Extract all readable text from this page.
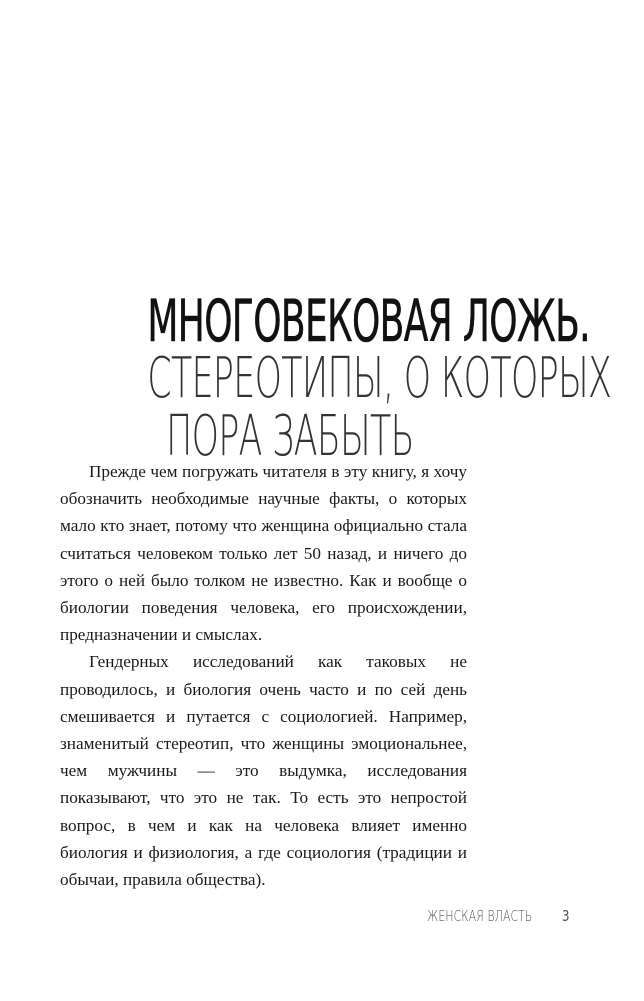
МНОГОВЕКОВАЯ ЛОЖЬ.
СТЕРЕОТИПЫ, О КОТОРЫХ
ПОРА ЗАБЫТЬ

Прежде чем погружать читателя в эту книгу, я хочу обозначить необходимые научные факты, о которых мало кто знает, потому что женщина официально стала считаться человеком только лет 50 назад, и ничего до этого о ней было толком не известно. Как и вообще о биологии поведения человека, его происхождении, предназначении и смыслах.

Гендерных исследований как таковых не проводилось, и биология очень часто и по сей день смешивается и путается с социологией. Например, знаменитый стереотип, что женщины эмоциональнее, чем мужчины — это выдумка, исследования показывают, что это не так. То есть это непростой вопрос, в чем и как на человека влияет именно биология и физиология, а где социология (традиции и обычаи, правила общества).

ЖЕНСКАЯ ВЛАСТЬ 3
